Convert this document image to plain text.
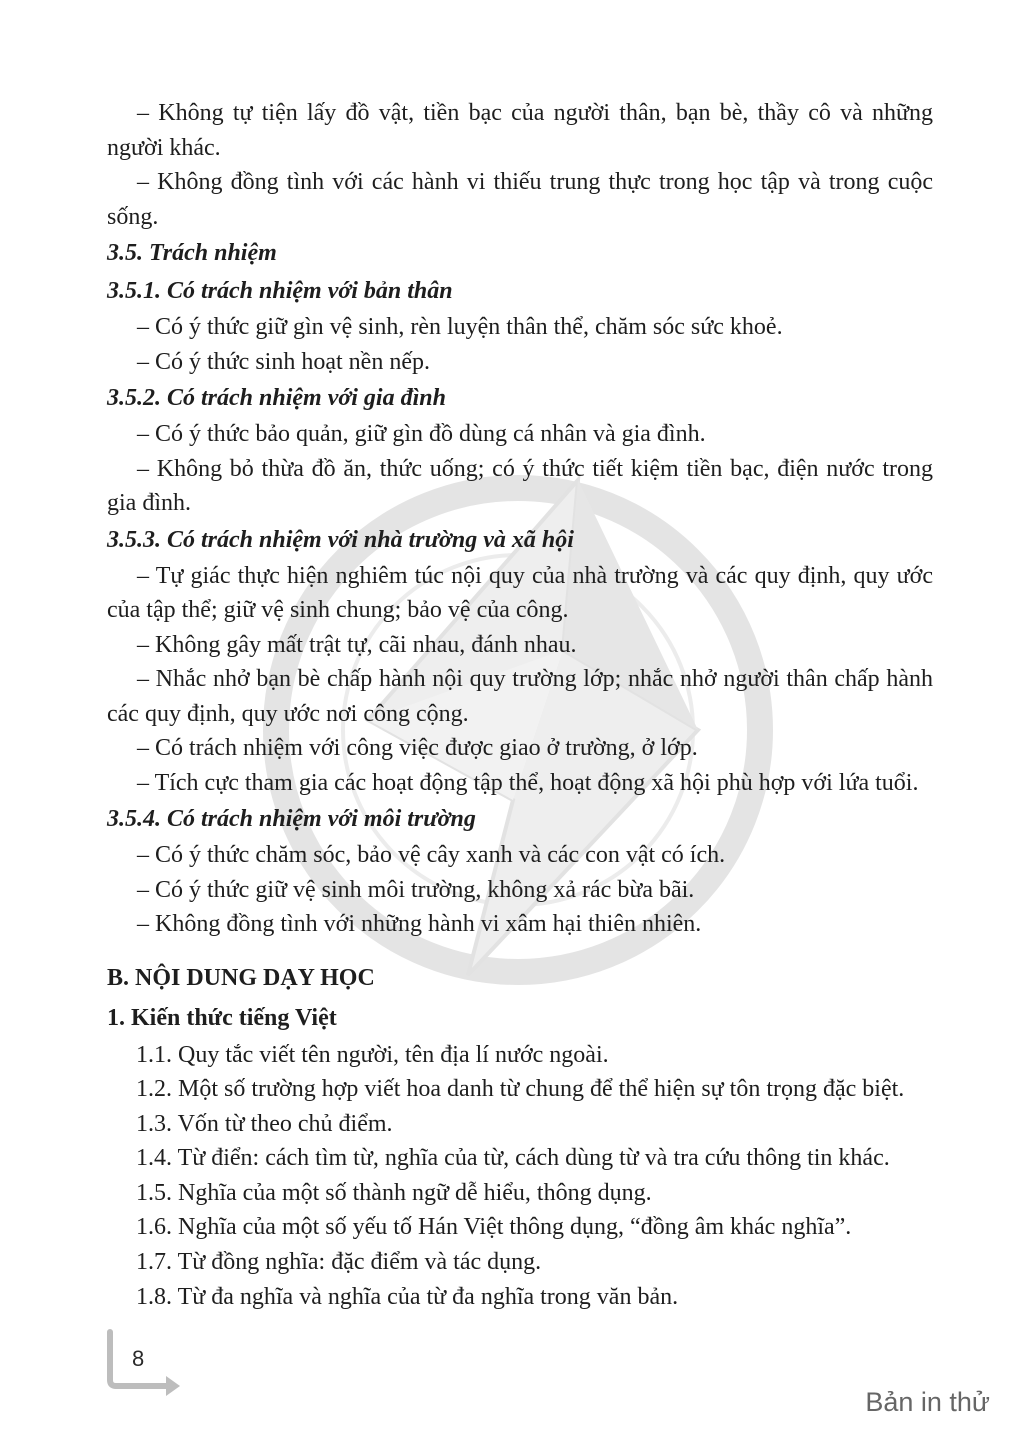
– Không tự tiện lấy đồ vật, tiền bạc của người thân, bạn bè, thầy cô và những người khác.

– Không đồng tình với các hành vi thiếu trung thực trong học tập và trong cuộc sống.

3.5. Trách nhiệm

3.5.1. Có trách nhiệm với bản thân

– Có ý thức giữ gìn vệ sinh, rèn luyện thân thể, chăm sóc sức khoẻ.

– Có ý thức sinh hoạt nền nếp.

3.5.2. Có trách nhiệm với gia đình

– Có ý thức bảo quản, giữ gìn đồ dùng cá nhân và gia đình.

– Không bỏ thừa đồ ăn, thức uống; có ý thức tiết kiệm tiền bạc, điện nước trong gia đình.

3.5.3. Có trách nhiệm với nhà trường và xã hội

– Tự giác thực hiện nghiêm túc nội quy của nhà trường và các quy định, quy ước của tập thể; giữ vệ sinh chung; bảo vệ của công.

– Không gây mất trật tự, cãi nhau, đánh nhau.

– Nhắc nhở bạn bè chấp hành nội quy trường lớp; nhắc nhở người thân chấp hành các quy định, quy ước nơi công cộng.

– Có trách nhiệm với công việc được giao ở trường, ở lớp.

– Tích cực tham gia các hoạt động tập thể, hoạt động xã hội phù hợp với lứa tuổi.

3.5.4. Có trách nhiệm với môi trường

– Có ý thức chăm sóc, bảo vệ cây xanh và các con vật có ích.

– Có ý thức giữ vệ sinh môi trường, không xả rác bừa bãi.

– Không đồng tình với những hành vi xâm hại thiên nhiên.

B. NỘI DUNG DẠY HỌC

1. Kiến thức tiếng Việt

1.1. Quy tắc viết tên người, tên địa lí nước ngoài.

1.2. Một số trường hợp viết hoa danh từ chung để thể hiện sự tôn trọng đặc biệt.

1.3. Vốn từ theo chủ điểm.

1.4. Từ điển: cách tìm từ, nghĩa của từ, cách dùng từ và tra cứu thông tin khác.

1.5. Nghĩa của một số thành ngữ dễ hiểu, thông dụng.

1.6. Nghĩa của một số yếu tố Hán Việt thông dụng, “đồng âm khác nghĩa”.

1.7. Từ đồng nghĩa: đặc điểm và tác dụng.

1.8. Từ đa nghĩa và nghĩa của từ đa nghĩa trong văn bản.

8
Bản in thử
